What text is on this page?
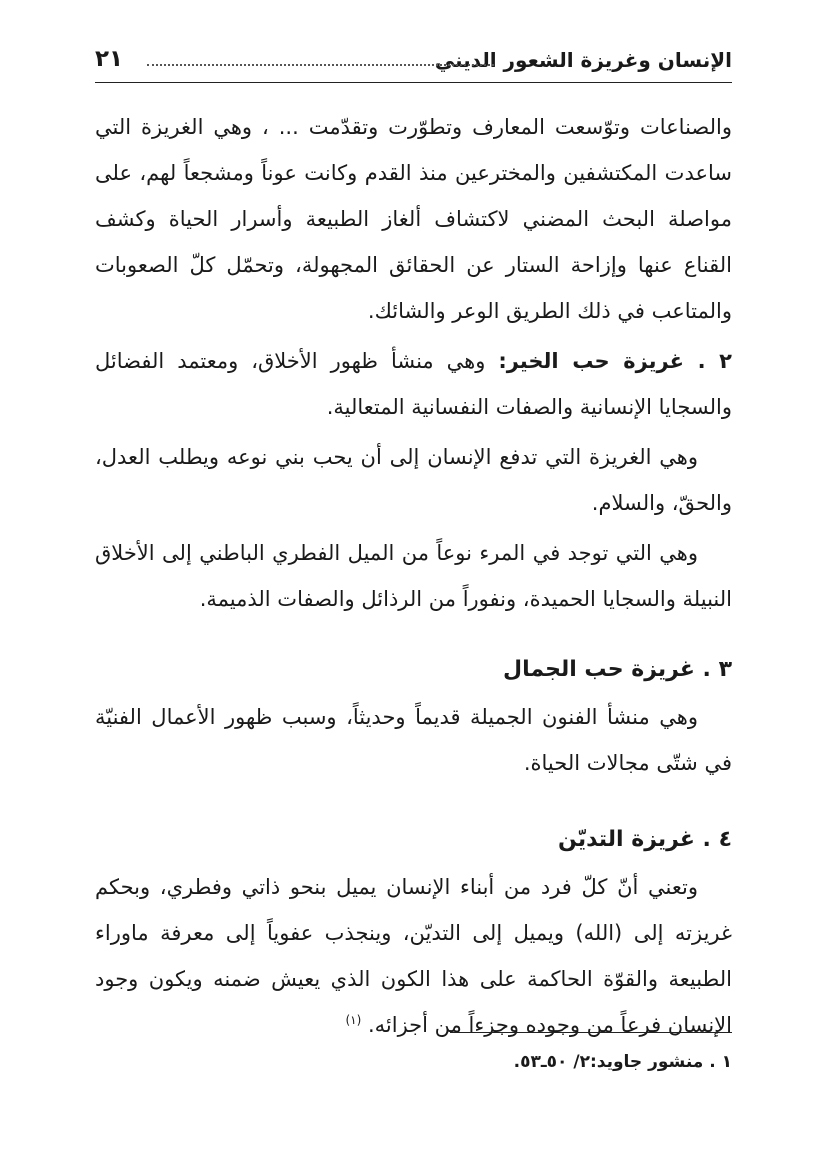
الإنسان وغريزة الشعور الديني
٢١

والصناعات وتوّسعت المعارف وتطوّرت وتقدّمت ... ، وهي الغريزة التي ساعدت المكتشفين والمخترعين منذ القدم وكانت عوناً ومشجعاً لهم، على مواصلة البحث المضني لاكتشاف ألغاز الطبيعة وأسرار الحياة وكشف القناع عنها وإزاحة الستار عن الحقائق المجهولة، وتحمّل كلّ الصعوبات والمتاعب في ذلك الطريق الوعر والشائك.

٢ . غريزة حب الخير: وهي منشأ ظهور الأخلاق، ومعتمد الفضائل والسجايا الإنسانية والصفات النفسانية المتعالية.

وهي الغريزة التي تدفع الإنسان إلى أن يحب بني نوعه ويطلب العدل، والحقّ، والسلام.

وهي التي توجد في المرء نوعاً من الميل الفطري الباطني إلى الأخلاق النبيلة والسجايا الحميدة، ونفوراً من الرذائل والصفات الذميمة.

٣ . غريزة حب الجمال

وهي منشأ الفنون الجميلة قديماً وحديثاً، وسبب ظهور الأعمال الفنيّة في شتّى مجالات الحياة.

٤ . غريزة التديّن

وتعني أنّ كلّ فرد من أبناء الإنسان يميل بنحو ذاتي وفطري، وبحكم غريزته إلى (الله) ويميل إلى التديّن، وينجذب عفوياً إلى معرفة ماوراء الطبيعة والقوّة الحاكمة على هذا الكون الذي يعيش ضمنه ويكون وجود الإنسان فرعاً من وجوده وجزءاً من أجزائه. $^{(١)}$

١ . منشور جاويد:٢/ ٥٠ـ٥٣.
